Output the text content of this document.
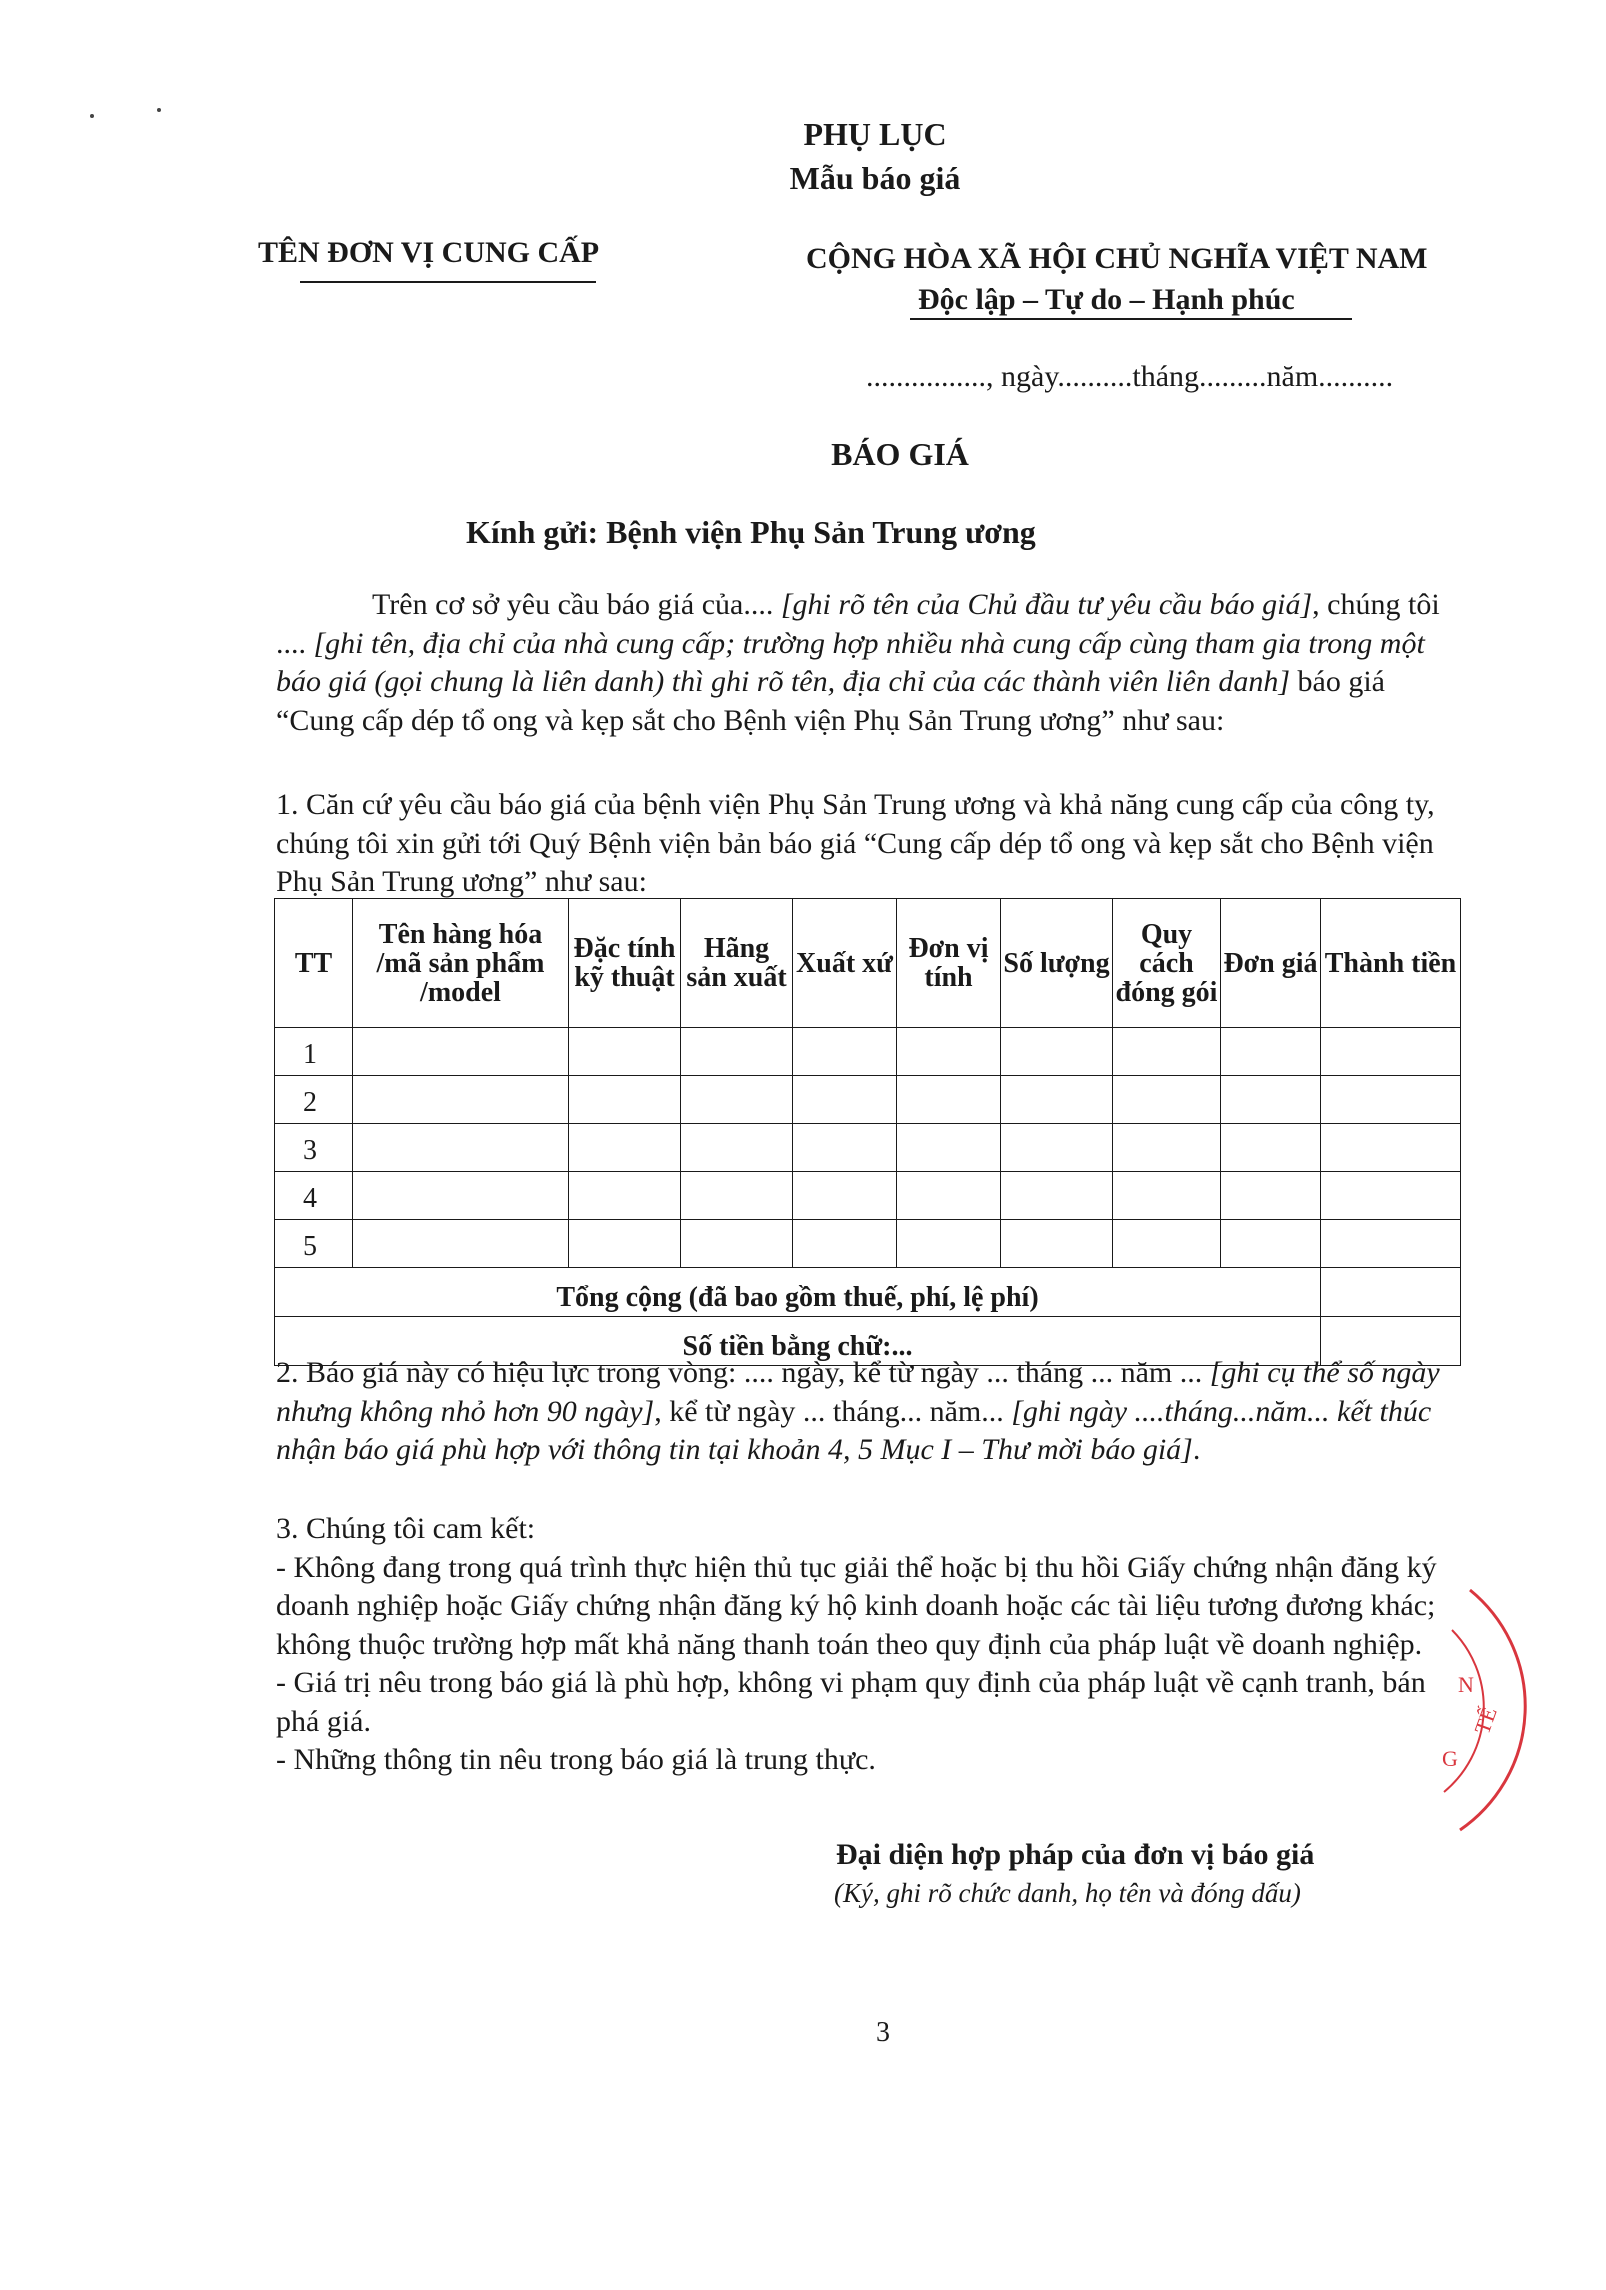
PHỤ LỤC
Mẫu báo giá
TÊN ĐƠN VỊ CUNG CẤP	CỘNG HÒA XÃ HỘI CHỦ NGHĨA VIỆT NAM
Độc lập – Tự do – Hạnh phúc
................, ngày..........tháng.........năm..........
BÁO GIÁ
Kính gửi: Bệnh viện Phụ Sản Trung ương
Trên cơ sở yêu cầu báo giá của.... [ghi rõ tên của Chủ đầu tư yêu cầu báo giá], chúng tôi .... [ghi tên, địa chỉ của nhà cung cấp; trường hợp nhiều nhà cung cấp cùng tham gia trong một báo giá (gọi chung là liên danh) thì ghi rõ tên, địa chỉ của các thành viên liên danh] báo giá “Cung cấp dép tổ ong và kẹp sắt cho Bệnh viện Phụ Sản Trung ương” như sau:
1. Căn cứ yêu cầu báo giá của bệnh viện Phụ Sản Trung ương và khả năng cung cấp của công ty, chúng tôi xin gửi tới Quý Bệnh viện bản báo giá “Cung cấp dép tổ ong và kẹp sắt cho Bệnh viện Phụ Sản Trung ương” như sau:
TT	Tên hàng hóa /mã sản phẩm /model	Đặc tính kỹ thuật	Hãng sản xuất	Xuất xứ	Đơn vị tính	Số lượng	Quy cách đóng gói	Đơn giá	Thành tiền
1									
2									
3									
4									
5									
Tổng cộng (đã bao gồm thuế, phí, lệ phí)									
Số tiền bằng chữ:...									
2. Báo giá này có hiệu lực trong vòng: .... ngày, kể từ ngày ... tháng ... năm ... [ghi cụ thể số ngày nhưng không nhỏ hơn 90 ngày], kể từ ngày ... tháng... năm... [ghi ngày ....tháng...năm... kết thúc nhận báo giá phù hợp với thông tin tại khoản 4, 5 Mục I – Thư mời báo giá].
3. Chúng tôi cam kết:
- Không đang trong quá trình thực hiện thủ tục giải thể hoặc bị thu hồi Giấy chứng nhận đăng ký doanh nghiệp hoặc Giấy chứng nhận đăng ký hộ kinh doanh hoặc các tài liệu tương đương khác; không thuộc trường hợp mất khả năng thanh toán theo quy định của pháp luật về doanh nghiệp.
- Giá trị nêu trong báo giá là phù hợp, không vi phạm quy định của pháp luật về cạnh tranh, bán phá giá.
- Những thông tin nêu trong báo giá là trung thực.
Đại diện hợp pháp của đơn vị báo giá
(Ký, ghi rõ chức danh, họ tên và đóng dấu)
3
N
TẾ
G
